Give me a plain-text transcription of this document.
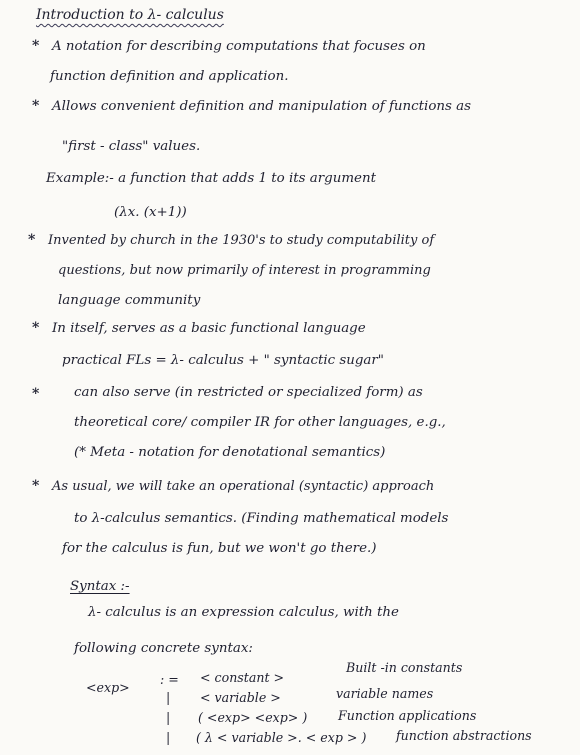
Introduction to λ- calculus
* A notation for describing computations that focuses on
function definition and application.
* Allows convenient definition and manipulation of functions as
"first - class" values.
Example:- a function that adds 1 to its argument
(λx. (x+1))
* Invented by church in the 1930's to study computability of
questions, but now primarily of interest in programming
language community
* In itself, serves as a basic functional language
practical FLs = λ- calculus + " syntactic sugar"
*	can also serve (in restricted or specialized form) as
theoretical core/ compiler IR for other languages, e.g.,
(* Meta - notation for denotational semantics)
* As usual, we will take an operational (syntactic) approach
to λ-calculus semantics. (Finding mathematical models
for the calculus is fun, but we won't go there.)
Syntax :-
λ- calculus is an expression calculus, with the
following concrete syntax:
<exp>
: = < constant >
Built -in constants
| < variable >	variable names
| ( <exp> <exp> ) Function applications
| ( λ < variable >. < exp > ) function abstractions
